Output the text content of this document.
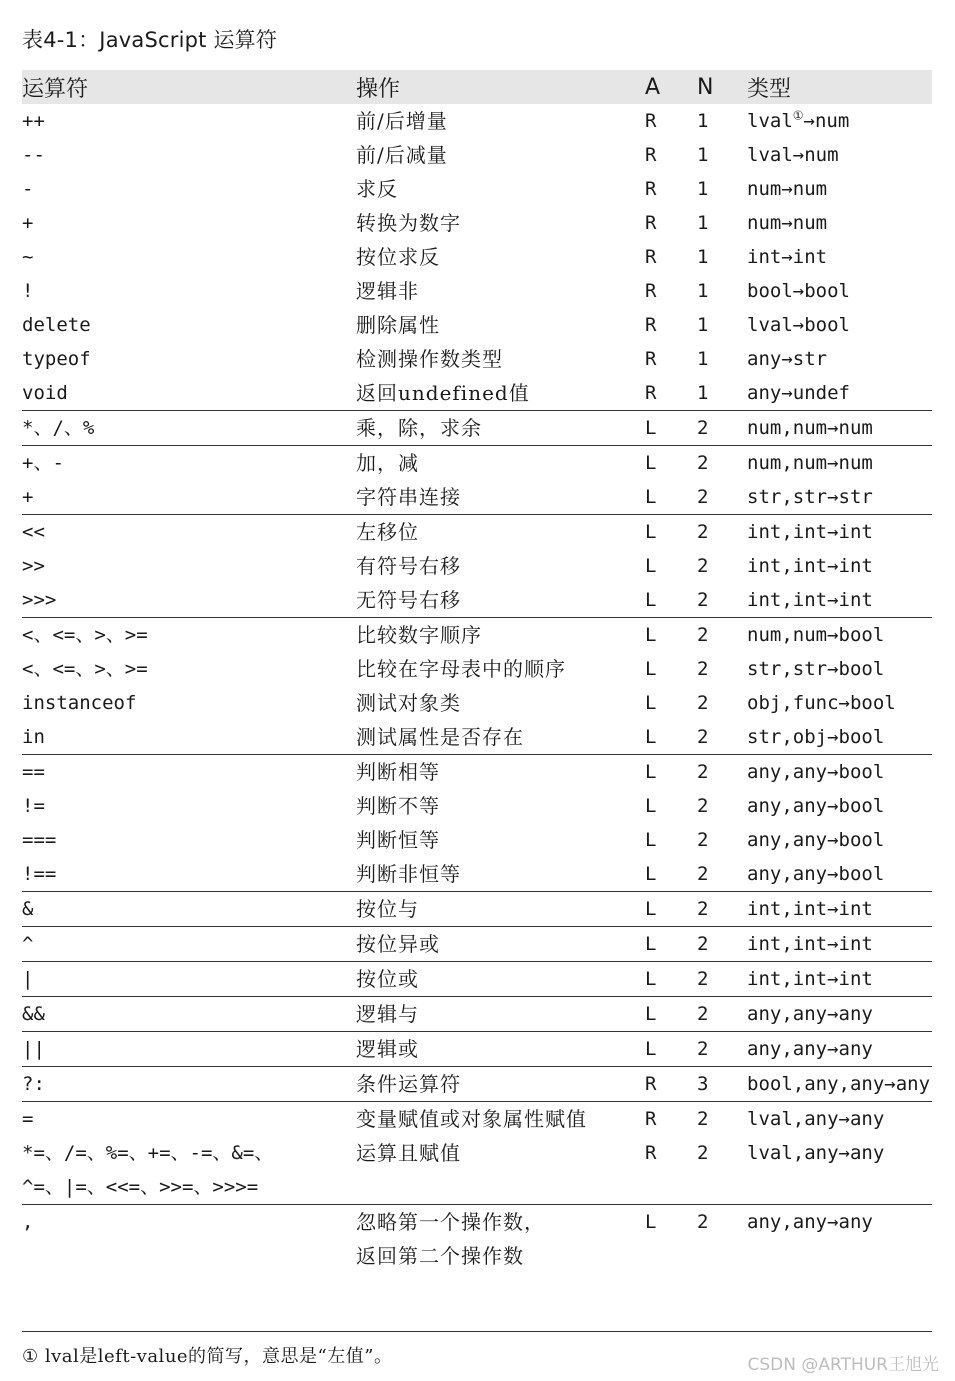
表4-1：JavaScript 运算符
运算符	操作	A	N	类型
++	前/后增量	R	1	lval①→num
--	前/后减量	R	1	lval→num
-	求反	R	1	num→num
+	转换为数字	R	1	num→num
~	按位求反	R	1	int→int
!	逻辑非	R	1	bool→bool
delete	删除属性	R	1	lval→bool
typeof	检测操作数类型	R	1	any→str
void	返回undefined值	R	1	any→undef
*、/、%	乘，除，求余	L	2	num,num→num
+、-	加，减	L	2	num,num→num
+	字符串连接	L	2	str,str→str
<<	左移位	L	2	int,int→int
>>	有符号右移	L	2	int,int→int
>>>	无符号右移	L	2	int,int→int
<、<=、>、>=	比较数字顺序	L	2	num,num→bool
<、<=、>、>=	比较在字母表中的顺序	L	2	str,str→bool
instanceof	测试对象类	L	2	obj,func→bool
in	测试属性是否存在	L	2	str,obj→bool
==	判断相等	L	2	any,any→bool
!=	判断不等	L	2	any,any→bool
===	判断恒等	L	2	any,any→bool
!==	判断非恒等	L	2	any,any→bool
&	按位与	L	2	int,int→int
^	按位异或	L	2	int,int→int
|	按位或	L	2	int,int→int
&&	逻辑与	L	2	any,any→any
||	逻辑或	L	2	any,any→any
?:	条件运算符	R	3	bool,any,any→any
=	变量赋值或对象属性赋值	R	2	lval,any→any
*=、/=、%=、+=、-=、&=、
^=、|=、<<=、>>=、>>>=	运算且赋值	R	2	lval,any→any
,	忽略第一个操作数，
返回第二个操作数	L	2	any,any→any
① lval是left-value的简写，意思是“左值”。	CSDN @ARTHUR王旭光
